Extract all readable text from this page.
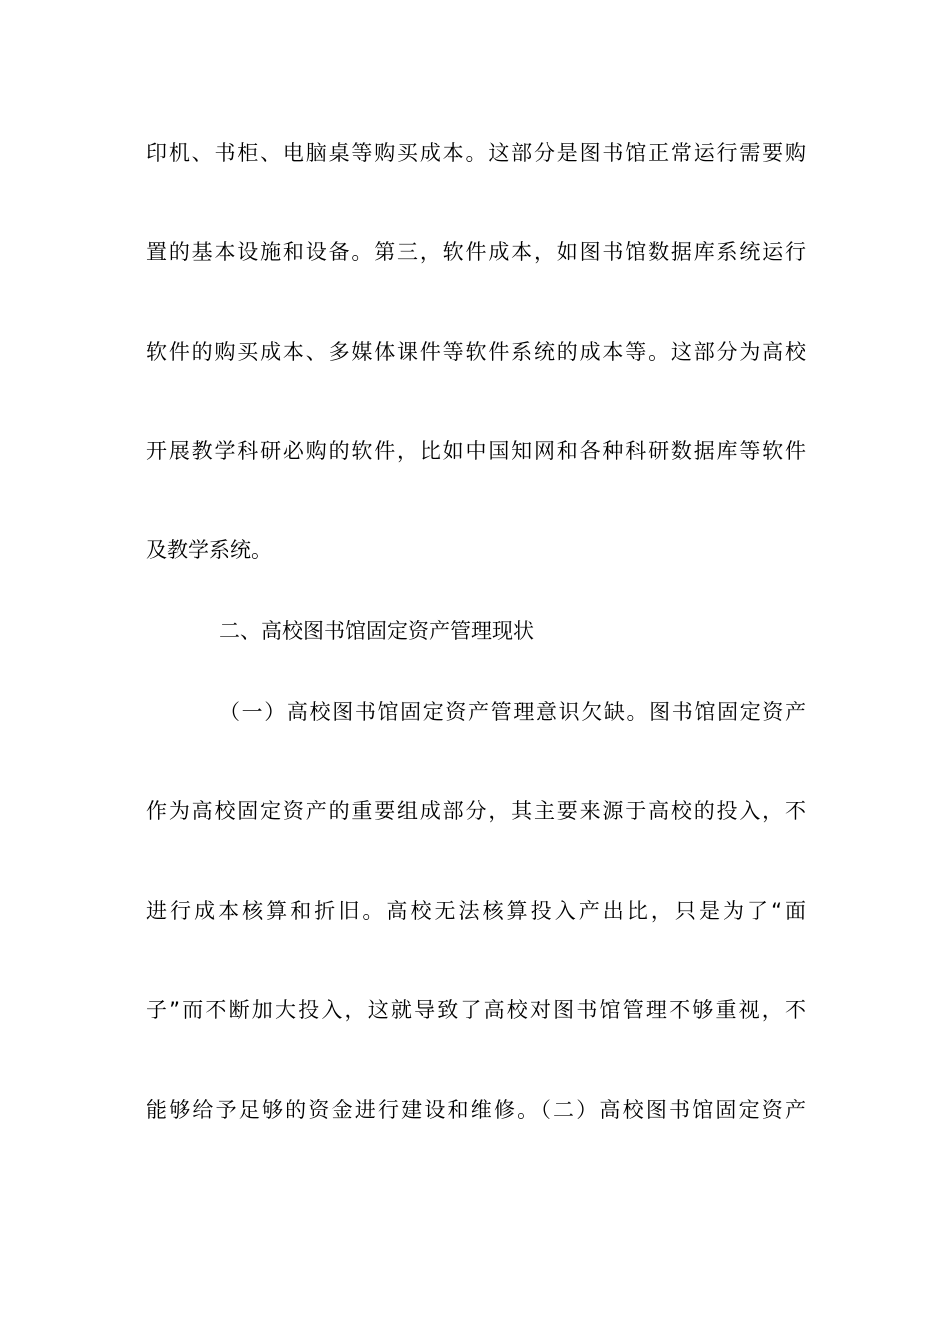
印机、书柜、电脑桌等购买成本。这部分是图书馆正常运行需要购
置的基本设施和设备。第三，软件成本，如图书馆数据库系统运行
软件的购买成本、多媒体课件等软件系统的成本等。这部分为高校
开展教学科研必购的软件，比如中国知网和各种科研数据库等软件
及教学系统。
二、高校图书馆固定资产管理现状
（一）高校图书馆固定资产管理意识欠缺。图书馆固定资产
作为高校固定资产的重要组成部分，其主要来源于高校的投入，不
进行成本核算和折旧。高校无法核算投入产出比，只是为了“面
子”而不断加大投入，这就导致了高校对图书馆管理不够重视，不
能够给予足够的资金进行建设和维修。（二）高校图书馆固定资产
